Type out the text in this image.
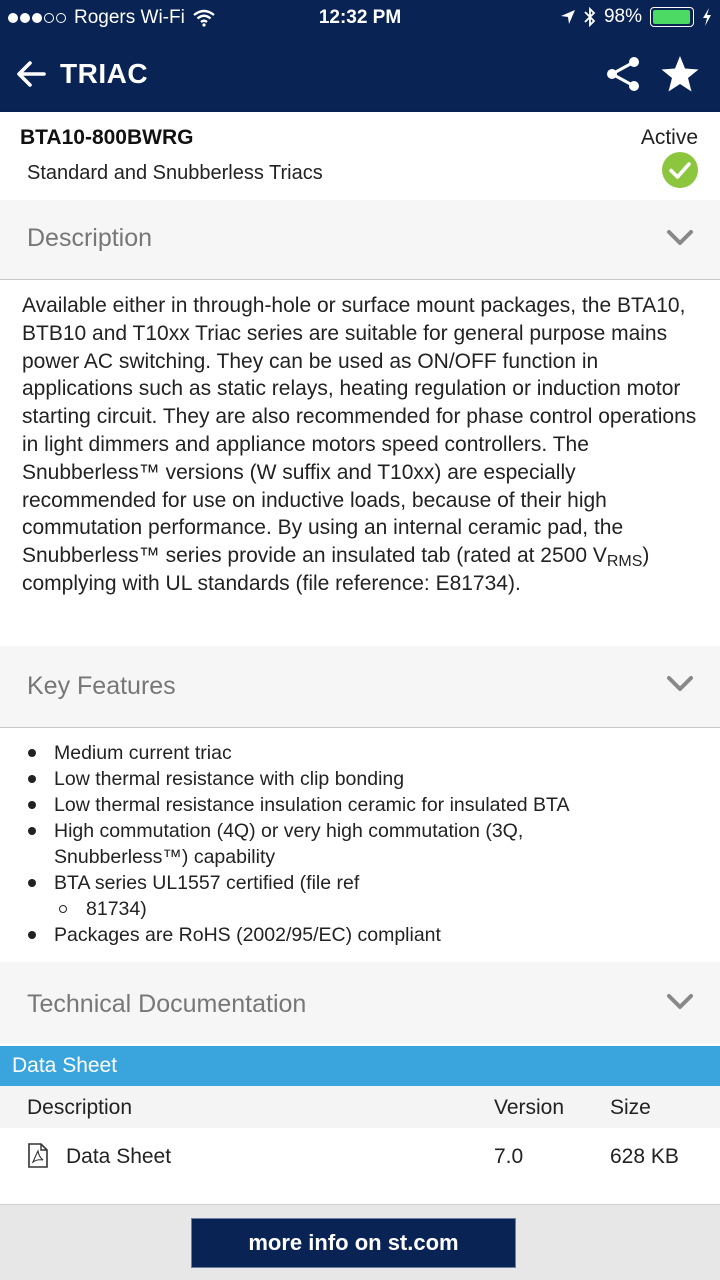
Rogers Wi-Fi	12:32 PM	98%
TRIAC
BTA10-800BWRG
Standard and Snubberless Triacs
Active
Description
Available either in through-hole or surface mount packages, the BTA10, BTB10 and T10xx Triac series are suitable for general purpose mains power AC switching. They can be used as ON/OFF function in applications such as static relays, heating regulation or induction motor starting circuit. They are also recommended for phase control operations in light dimmers and appliance motors speed controllers. The Snubberless™ versions (W suffix and T10xx) are especially recommended for use on inductive loads, because of their high commutation performance. By using an internal ceramic pad, the Snubberless™ series provide an insulated tab (rated at 2500 $V_{RMS}$) complying with UL standards (file reference: E81734).
Key Features
Medium current triac
Low thermal resistance with clip bonding
Low thermal resistance insulation ceramic for insulated BTA
High commutation (4Q) or very high commutation (3Q, Snubberless™) capability
BTA series UL1557 certified (file ref
81734)
Packages are RoHS (2002/95/EC) compliant
Technical Documentation
Data Sheet
Description	Version Size
Data Sheet	7.0	628 KB
more info on st.com
